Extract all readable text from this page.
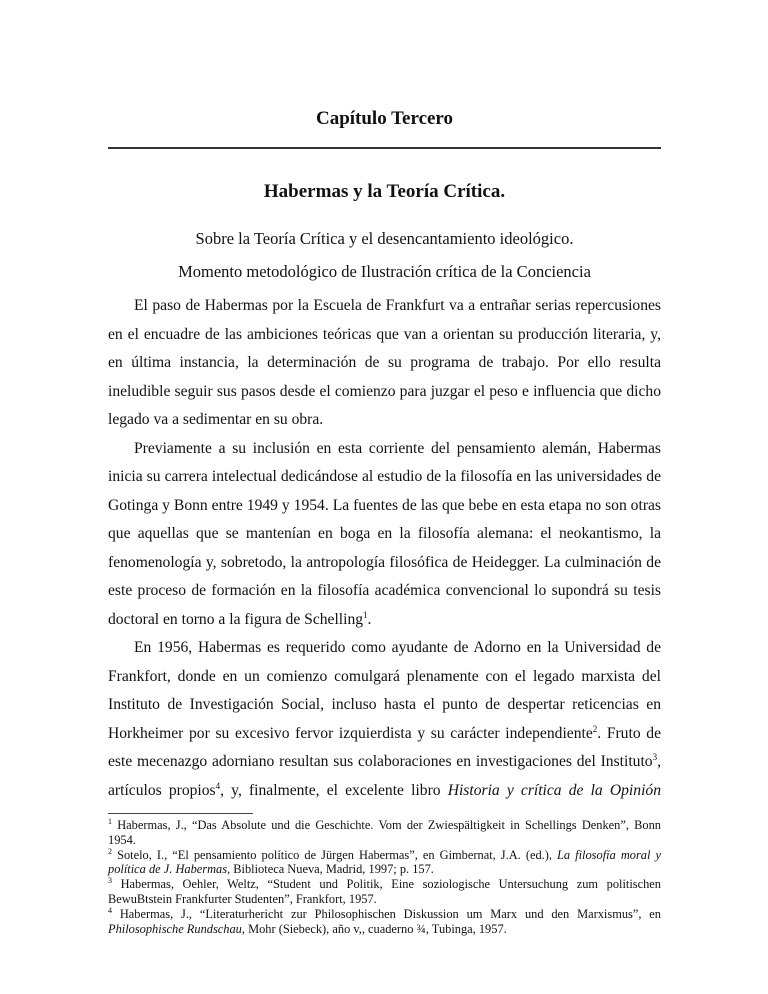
Capítulo Tercero
Habermas y la Teoría Crítica.
Sobre la Teoría Crítica y el desencantamiento ideológico.
Momento metodológico de Ilustración crítica de la Conciencia
El paso de Habermas por la Escuela de Frankfurt va a entrañar serias repercusiones
en el encuadre de las ambiciones teóricas que van a orientan su producción literaria, y,
en última instancia, la determinación de su programa de trabajo. Por ello resulta
ineludible seguir sus pasos desde el comienzo para juzgar el peso e influencia que dicho
legado va a sedimentar en su obra.
Previamente a su inclusión en esta corriente del pensamiento alemán, Habermas
inicia su carrera intelectual dedicándose al estudio de la filosofía en las universidades de
Gotinga y Bonn entre 1949 y 1954. La fuentes de las que bebe en esta etapa no son otras
que aquellas que se mantenían en boga en la filosofía alemana: el neokantismo, la
fenomenología y, sobretodo, la antropología filosófica de Heidegger. La culminación de
este proceso de formación en la filosofía académica convencional lo supondrá su tesis
doctoral en torno a la figura de Schelling$^1$.
En 1956, Habermas es requerido como ayudante de Adorno en la Universidad de
Frankfort, donde en un comienzo comulgará plenamente con el legado marxista del
Instituto de Investigación Social, incluso hasta el punto de despertar reticencias en
Horkheimer por su excesivo fervor izquierdista y su carácter independiente$^2$. Fruto de
este mecenazgo adorniano resultan sus colaboraciones en investigaciones del Instituto$^3$,
artículos propios$^4$, y, finalmente, el excelente libro Historia y crítica de la Opinión
$^1$ Habermas, J., “Das Absolute und die Geschichte. Vom der Zwiespältigkeit in Schellings Denken”, Bonn
1954.
$^2$ Sotelo, I., “El pensamiento político de Jürgen Habermas”, en Gimbernat, J.A. (ed.), La filosofía moral y
política de J. Habermas, Biblioteca Nueva, Madrid, 1997; p. 157.
$^3$ Habermas, Oehler, Weltz, “Student und Politik, Eine soziologische Untersuchung zum politischen
BewuBtstein Frankfurter Studenten”, Frankfort, 1957.
$^4$ Habermas, J., “Literaturhericht zur Philosophischen Diskussion um Marx und den Marxismus”, en
Philosophische Rundschau, Mohr (Siebeck), año v,, cuaderno ¾, Tubinga, 1957.
